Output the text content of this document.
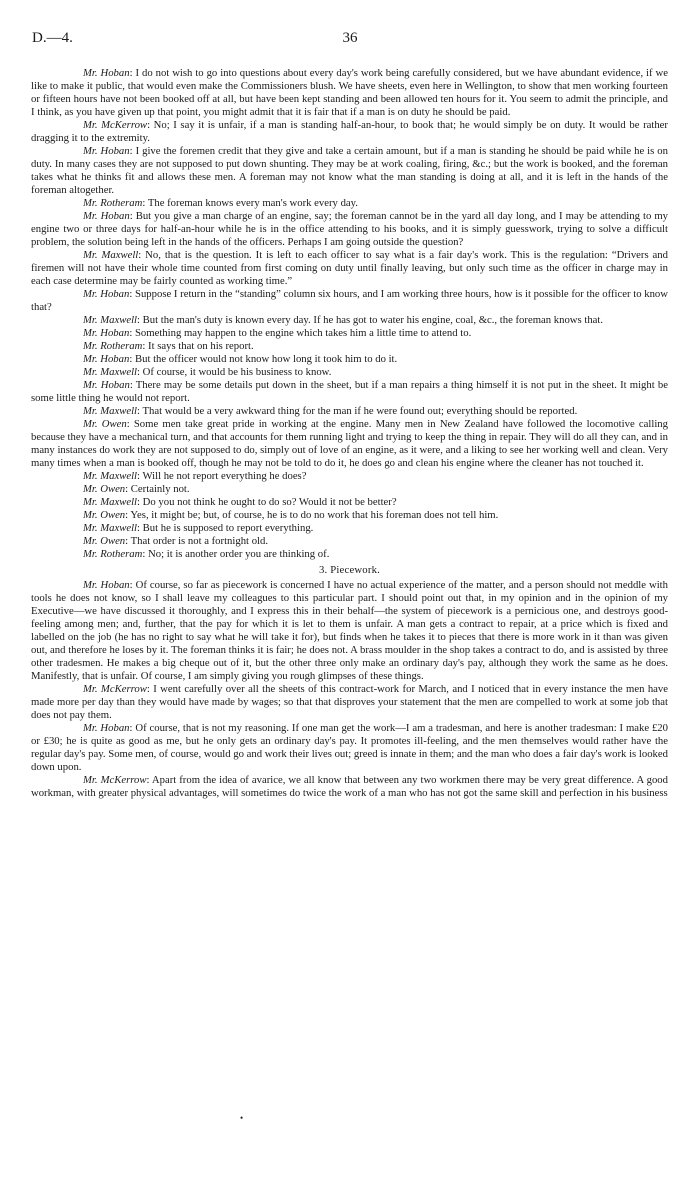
D.—4.	36

Mr. Hoban: I do not wish to go into questions about every day's work being carefully considered, but we have abundant evidence, if we like to make it public, that would even make the Commissioners blush. We have sheets, even here in Wellington, to show that men working fourteen or fifteen hours have not been booked off at all, but have been kept standing and been allowed ten hours for it. You seem to admit the principle, and I think, as you have given up that point, you might admit that it is fair that if a man is on duty he should be paid.

Mr. McKerrow: No; I say it is unfair, if a man is standing half-an-hour, to book that; he would simply be on duty. It would be rather dragging it to the extremity.

Mr. Hoban: I give the foremen credit that they give and take a certain amount, but if a man is standing he should be paid while he is on duty. In many cases they are not supposed to put down shunting. They may be at work coaling, firing, &c.; but the work is booked, and the foreman takes what he thinks fit and allows these men. A foreman may not know what the man standing is doing at all, and it is left in the hands of the foreman altogether.

Mr. Rotheram: The foreman knows every man's work every day.

Mr. Hoban: But you give a man charge of an engine, say; the foreman cannot be in the yard all day long, and I may be attending to my engine two or three days for half-an-hour while he is in the office attending to his books, and it is simply guesswork, trying to solve a difficult problem, the solution being left in the hands of the officers. Perhaps I am going outside the question?

Mr. Maxwell: No, that is the question. It is left to each officer to say what is a fair day's work. This is the regulation: “Drivers and firemen will not have their whole time counted from first coming on duty until finally leaving, but only such time as the officer in charge may in each case determine may be fairly counted as working time.”

Mr. Hoban: Suppose I return in the “standing” column six hours, and I am working three hours, how is it possible for the officer to know that?

Mr. Maxwell: But the man's duty is known every day. If he has got to water his engine, coal, &c., the foreman knows that.

Mr. Hoban: Something may happen to the engine which takes him a little time to attend to.

Mr. Rotheram: It says that on his report.

Mr. Hoban: But the officer would not know how long it took him to do it.

Mr. Maxwell: Of course, it would be his business to know.

Mr. Hoban: There may be some details put down in the sheet, but if a man repairs a thing himself it is not put in the sheet. It might be some little thing he would not report.

Mr. Maxwell: That would be a very awkward thing for the man if he were found out; everything should be reported.

Mr. Owen: Some men take great pride in working at the engine. Many men in New Zealand have followed the locomotive calling because they have a mechanical turn, and that accounts for them running light and trying to keep the thing in repair. They will do all they can, and in many instances do work they are not supposed to do, simply out of love of an engine, as it were, and a liking to see her working well and clean. Very many times when a man is booked off, though he may not be told to do it, he does go and clean his engine where the cleaner has not touched it.

Mr. Maxwell: Will he not report everything he does?

Mr. Owen: Certainly not.

Mr. Maxwell: Do you not think he ought to do so? Would it not be better?

Mr. Owen: Yes, it might be; but, of course, he is to do no work that his foreman does not tell him.

Mr. Maxwell: But he is supposed to report everything.

Mr. Owen: That order is not a fortnight old.

Mr. Rotheram: No; it is another order you are thinking of.

3. Piecework.

Mr. Hoban: Of course, so far as piecework is concerned I have no actual experience of the matter, and a person should not meddle with tools he does not know, so I shall leave my colleagues to this particular part. I should point out that, in my opinion and in the opinion of my Executive—we have discussed it thoroughly, and I express this in their behalf—the system of piecework is a pernicious one, and destroys good-feeling among men; and, further, that the pay for which it is let to them is unfair. A man gets a contract to repair, at a price which is fixed and labelled on the job (he has no right to say what he will take it for), but finds when he takes it to pieces that there is more work in it than was given out, and therefore he loses by it. The foreman thinks it is fair; he does not. A brass moulder in the shop takes a contract to do, and is assisted by three other tradesmen. He makes a big cheque out of it, but the other three only make an ordinary day's pay, although they work the same as he does. Manifestly, that is unfair. Of course, I am simply giving you rough glimpses of these things.

Mr. McKerrow: I went carefully over all the sheets of this contract-work for March, and I noticed that in every instance the men have made more per day than they would have made by wages; so that that disproves your statement that the men are compelled to work at some job that does not pay them.

Mr. Hoban: Of course, that is not my reasoning. If one man get the work—I am a tradesman, and here is another tradesman: I make £20 or £30; he is quite as good as me, but he only gets an ordinary day's pay. It promotes ill-feeling, and the men themselves would rather have the regular day's pay. Some men, of course, would go and work their lives out; greed is innate in them; and the man who does a fair day's work is looked down upon.

Mr. McKerrow: Apart from the idea of avarice, we all know that between any two workmen there may be very great difference. A good workman, with greater physical advantages, will sometimes do twice the work of a man who has not got the same skill and perfection in his business

•
